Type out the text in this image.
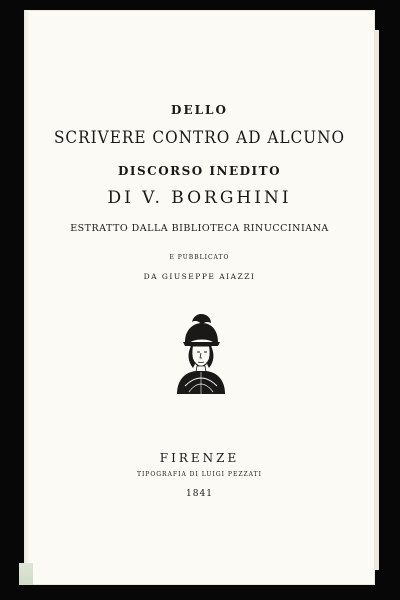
DELLO
SCRIVERE CONTRO AD ALCUNO
DISCORSO INEDITO
DI V. BORGHINI
ESTRATTO DALLA BIBLIOTECA RINUCCINIANA
E PUBBLICATO
DA GIUSEPPE AIAZZI
FIRENZE
TIPOGRAFIA DI LUIGI PEZZATI
1841
